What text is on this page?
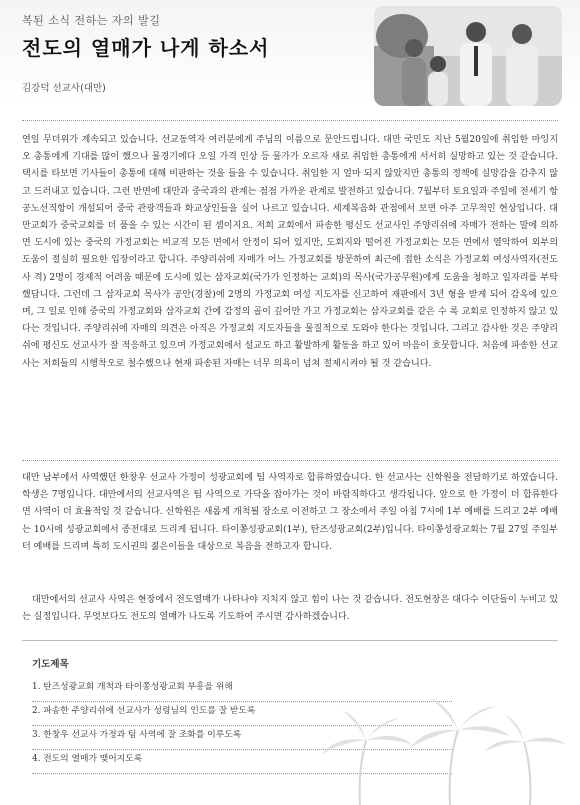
복된 소식 전하는 자의 발길
전도의 열매가 나게 하소서
김강덕 선교사(대만)

연일 무더위가 계속되고 있습니다. 선교동역자 여러분에게 주님의 이름으로 문안드립니다. 대만 국민도 지난 5월20일에 취임한 마잉지오 총통에게 기대를 많이 했으나 물경기에다 오일 가격 인상 등 물가가 오르자 새로 취임한 총통에게 서서히 실망하고 있는 것 같습니다. 택시를 타보면 기사들이 총통에 대해 비판하는 것을 들을 수 있습니다. 취임한 지 얼마 되지 않았지만 총통의 정책에 실망감을 감추지 않고 드러내고 있습니다. 그런 반면에 대만과 중국과의 관계는 점점 가까운 관계로 발전하고 있습니다. 7월부터 토요일과 주일에 전세기 항공노선직항이 개설되어 중국 관광객들과 화교상인들을 실어 나르고 있습니다. 세계복음화 관점에서 보면 아주 고무적인 현상입니다. 대만교회가 중국교회를 더 품을 수 있는 시간이 된 셈이지요. 저희 교회에서 파송한 평신도 선교사인 주양리쉬에 자매가 전하는 말에 의하면 도시에 있는 중국의 가정교회는 비교적 모든 면에서 안정이 되어 있지만, 도회지와 떨어진 가정교회는 모든 면에서 열악하여 외부의 도움이 절실히 필요한 입장이라고 합니다. 주양리쉬에 자매가 어느 가정교회를 방문하여 최근에 접한 소식은 가정교회 여성사역자(전도사 격) 2명이 경제적 어려움 때문에 도시에 있는 삼자교회(국가가 인정하는 교회)의 목사(국가공무원)에게 도움을 청하고 일자리를 부탁했답니다. 그런데 그 삼자교회 목사가 공안(경찰)에 2명의 가정교회 여성 지도자를 신고하여 재판에서 3년 형을 받게 되어 감옥에 있으며, 그 일로 인해 중국의 가정교회와 삼자교회 간에 감정의 골이 깊어만 가고 가정교회는 삼자교회를 같은 수 록 교회로 인정하지 않고 있다는 것입니다. 주양리쉬에 자매의 의견은 아직은 가정교회 지도자들을 물질적으로 도와야 한다는 것입니다. 그리고 감사한 것은 주양리쉬에 평신도 선교사가 잘 적응하고 있으며 가정교회에서 설교도 하고 활발하게 활동을 하고 있어 마음이 흐뭇합니다. 처음에 파송한 선교사는 저희들의 시행착오로 철수했으나 현재 파송된 자매는 너무 의욕이 넘쳐 절제시켜야 될 것 같습니다.

대만 남부에서 사역했던 한창우 선교사 가정이 성광교회에 팀 사역자로 합류하였습니다. 한 선교사는 신학원을 전담하기로 하였습니다. 학생은 7명입니다. 대만에서의 선교사역은 팀 사역으로 가닥을 잡아가는 것이 바람직하다고 생각됩니다. 앞으로 한 가정이 더 합류한다면 사역이 더 효율적일 것 같습니다. 신학원은 새롭게 개척될 장소로 이전하고 그 장소에서 주일 아침 7시에 1부 예배를 드리고 2부 예배는 10시에 성광교회에서 종전대로 드리게 됩니다. 타이쫑성광교회(1부), 탄즈성광교회(2부)입니다. 타이쫑성광교회는 7월 27일 주일부터 예배를 드리며 특히 도시권의 젊은이들을 대상으로 복음을 전하고자 합니다.

대만에서의 선교사 사역은 현장에서 전도열매가 나타나야 지치지 않고 힘이 나는 것 같습니다. 전도현장은 대다수 이단들이 누비고 있는 실정입니다. 무엇보다도 전도의 열매가 나도록 기도하여 주시면 감사하겠습니다.

기도제목
1. 탄즈성광교회 개척과 타이쫑성광교회 부흥을 위해
2. 파송한 주양리쉬에 선교사가 성령님의 인도를 잘 받도록
3. 한창우 선교사 가정과 팀 사역에 잘 조화를 이루도록
4. 전도의 열매가 맺어지도록
